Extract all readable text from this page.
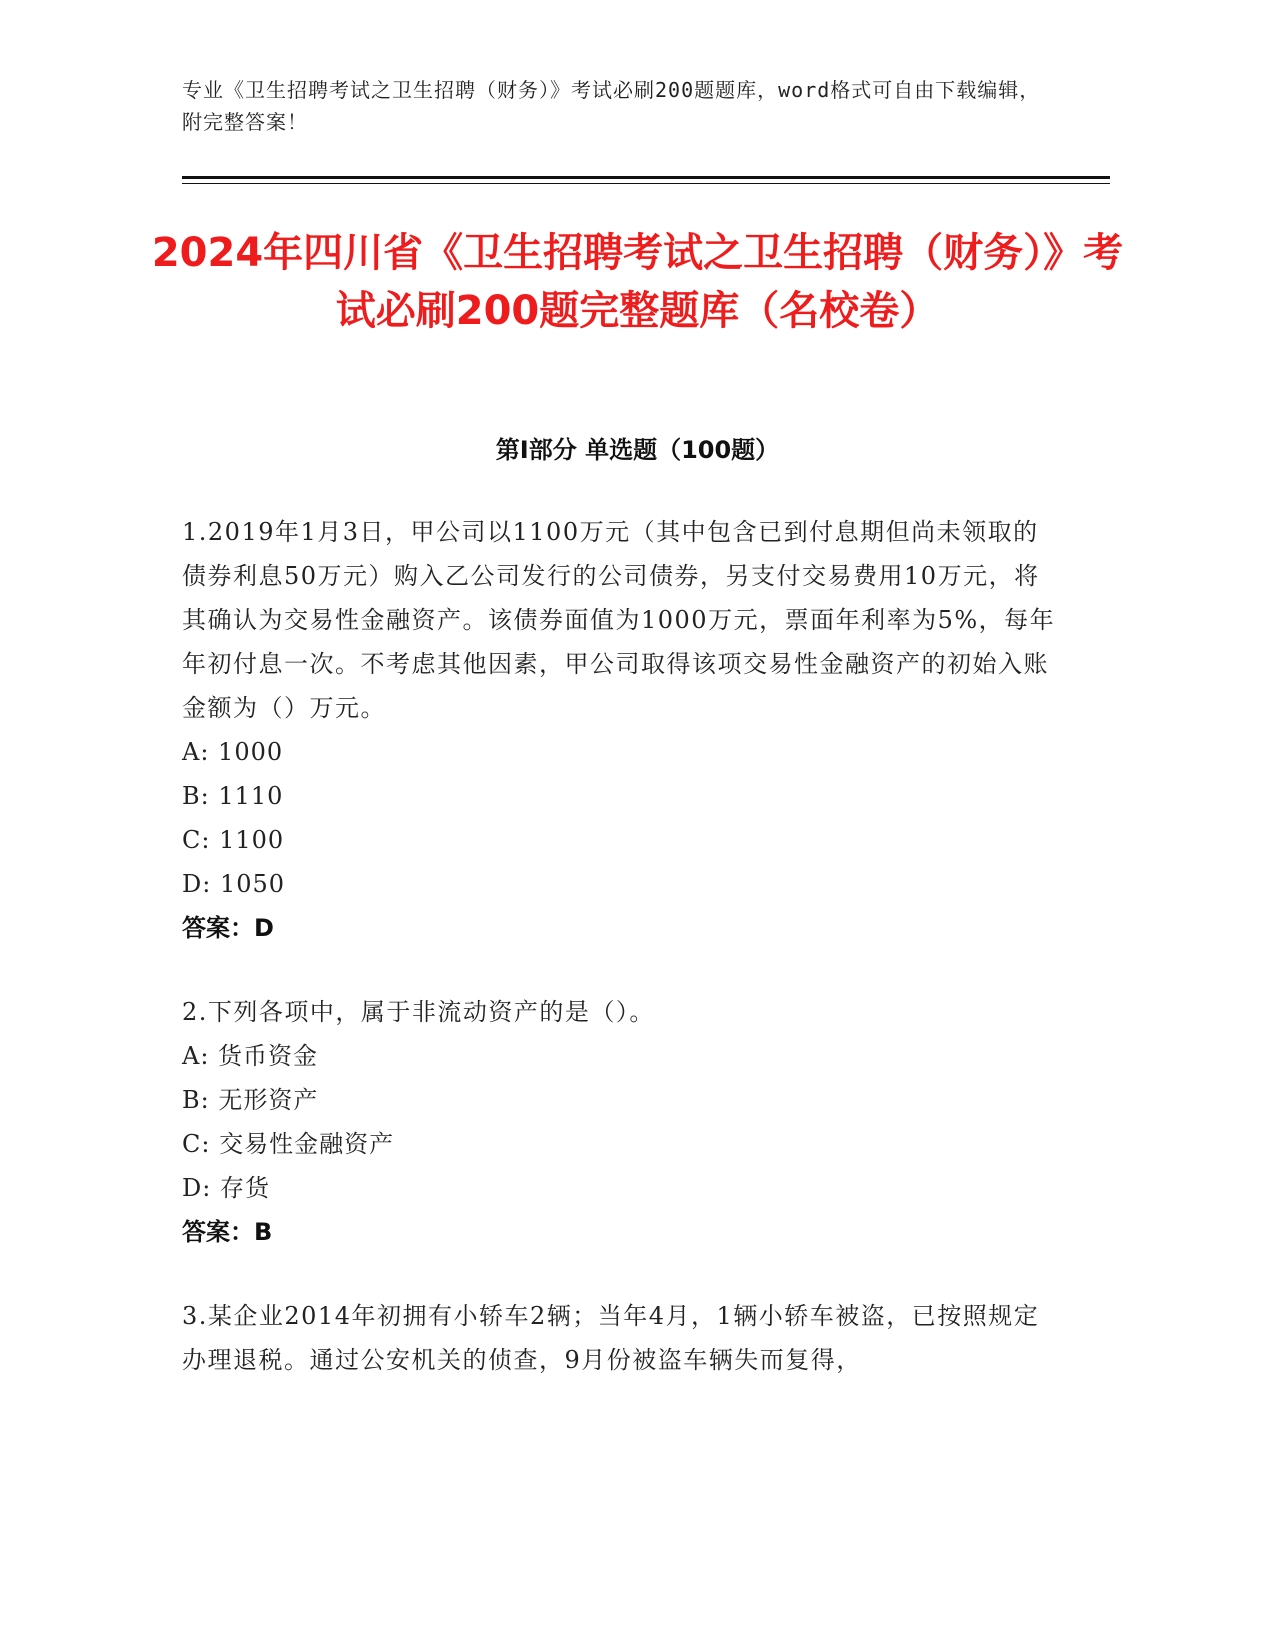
专业《卫生招聘考试之卫生招聘（财务）》考试必刷200题题库，word格式可自由下载编辑，附完整答案！
2024年四川省《卫生招聘考试之卫生招聘（财务）》考试必刷200题完整题库（名校卷）
第I部分 单选题（100题）
1.2019年1月3日，甲公司以1100万元（其中包含已到付息期但尚未领取的债券利息50万元）购入乙公司发行的公司债券，另支付交易费用10万元，将其确认为交易性金融资产。该债券面值为1000万元，票面年利率为5%，每年年初付息一次。不考虑其他因素，甲公司取得该项交易性金融资产的初始入账金额为（）万元。
A: 1000
B: 1110
C: 1100
D: 1050
答案：D
2.下列各项中，属于非流动资产的是（）。
A: 货币资金
B: 无形资产
C: 交易性金融资产
D: 存货
答案：B
3.某企业2014年初拥有小轿车2辆；当年4月，1辆小轿车被盗，已按照规定办理退税。通过公安机关的侦查，9月份被盗车辆失而复得，
